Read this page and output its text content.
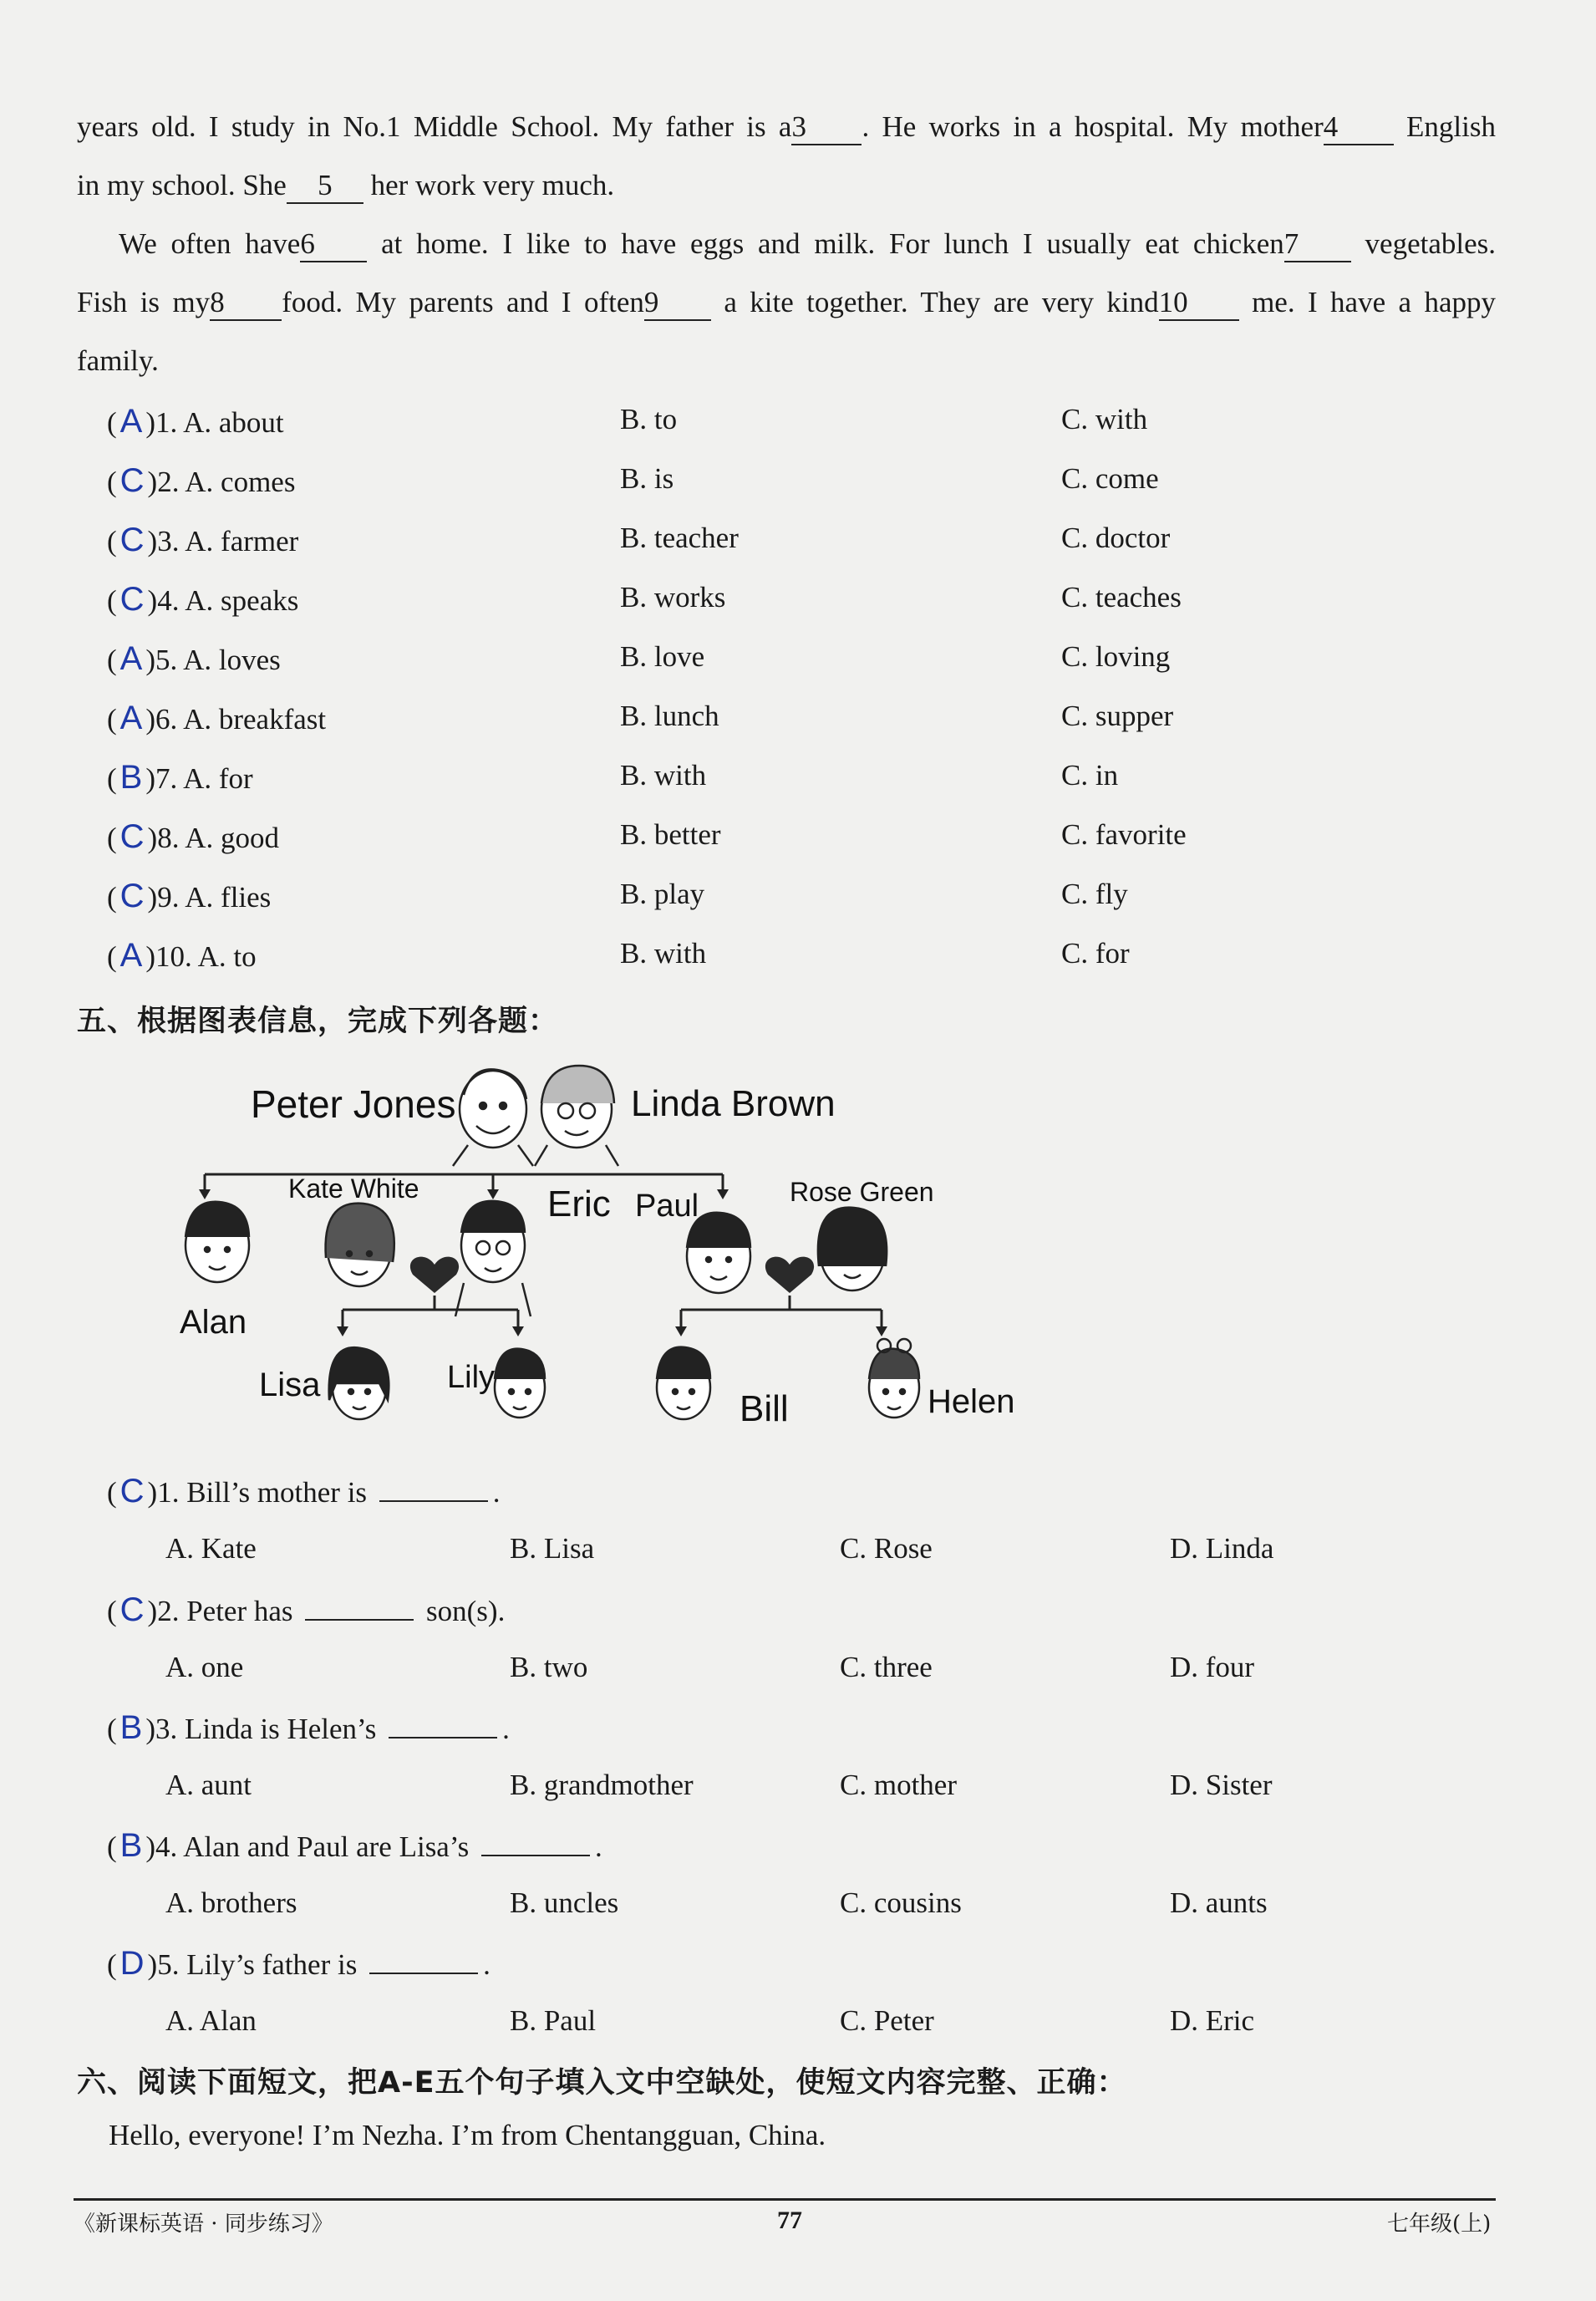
years old. I study in No.1 Middle School. My father is a3 . He works in a hospital. My mother4 English
in my school. She 5 her work very much.
We often have6 at home. I like to have eggs and milk. For lunch I usually eat chicken7 vegetables.
Fish is my8 food. My parents and I often9 a kite together. They are very kind10 me. I have a happy
family.
( A )1. A. about	B. to	C. with
( C )2. A. comes	B. is	C. come
( C )3. A. farmer	B. teacher	C. doctor
( C )4. A. speaks	B. works	C. teaches
( A )5. A. loves	B. love	C. loving
( A )6. A. breakfast	B. lunch	C. supper
( B )7. A. for	B. with	C. in
( C )8. A. good	B. better	C. favorite
( C )9. A. flies	B. play	C. fly
( A )10. A. to	B. with	C. for
五、根据图表信息，完成下列各题：
Peter Jones	Linda Brown
Alan
Kate White	Eric Paul	Rose Green
Lisa	Lily
Bill	Helen
( C )1. Bill’s mother is	.
A. Kate	B. Lisa	C. Rose	D. Linda
( C )2. Peter has	son(s).
A. one	B. two	C. three	D. four
( B )3. Linda is Helen’s	.
A. aunt	B. grandmother	C. mother	D. Sister
( B )4. Alan and Paul are Lisa’s	.
A. brothers	B. uncles	C. cousins	D. aunts
( D )5. Lily’s father is	.
A. Alan	B. Paul	C. Peter	D. Eric
六、阅读下面短文，把A-E五个句子填入文中空缺处，使短文内容完整、正确：
Hello, everyone! I’m Nezha. I’m from Chentangguan, China.
《新课标英语 · 同步练习》	77	七年级(上)
